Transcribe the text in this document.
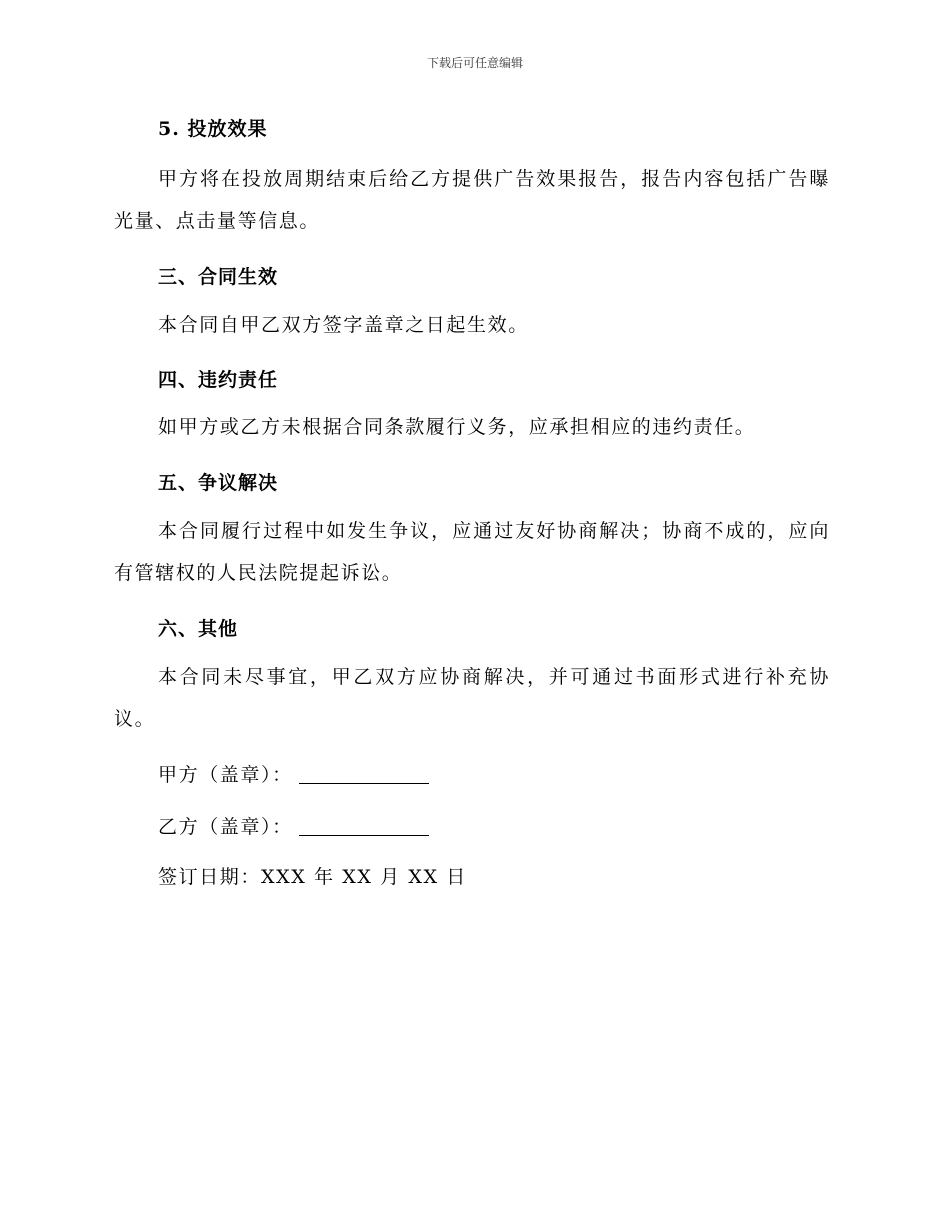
下载后可任意编辑
5. 投放效果
甲方将在投放周期结束后给乙方提供广告效果报告，报告内容包括广告曝光量、点击量等信息。
三、合同生效
本合同自甲乙双方签字盖章之日起生效。
四、违约责任
如甲方或乙方未根据合同条款履行义务，应承担相应的违约责任。
五、争议解决
本合同履行过程中如发生争议，应通过友好协商解决；协商不成的，应向有管辖权的人民法院提起诉讼。
六、其他
本合同未尽事宜，甲乙双方应协商解决，并可通过书面形式进行补充协议。
甲方（盖章）：
乙方（盖章）：
签订日期：XXX 年 XX 月 XX 日
